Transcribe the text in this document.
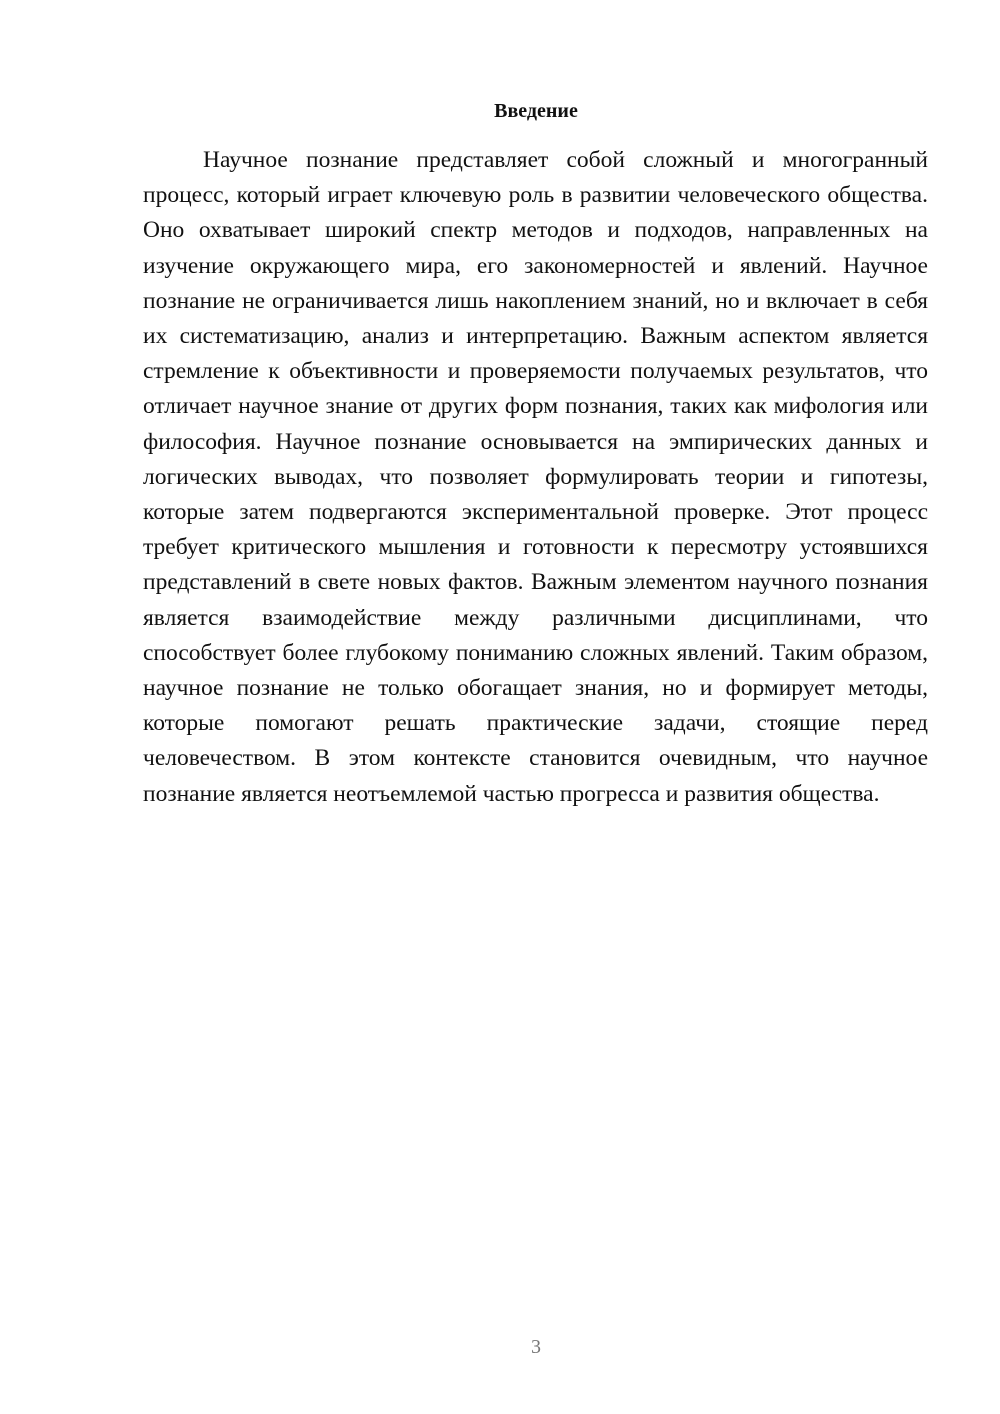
Введение

Научное познание представляет собой сложный и многогранный процесс, который играет ключевую роль в развитии человеческого общества. Оно охватывает широкий спектр методов и подходов, направленных на изучение окружающего мира, его закономерностей и явлений. Научное познание не ограничивается лишь накоплением знаний, но и включает в себя их систематизацию, анализ и интерпретацию. Важным аспектом является стремление к объективности и проверяемости получаемых результатов, что отличает научное знание от других форм познания, таких как мифология или философия. Научное познание основывается на эмпирических данных и логических выводах, что позволяет формулировать теории и гипотезы, которые затем подвергаются экспериментальной проверке. Этот процесс требует критического мышления и готовности к пересмотру устоявшихся представлений в свете новых фактов. Важным элементом научного познания является взаимодействие между различными дисциплинами, что способствует более глубокому пониманию сложных явлений. Таким образом, научное познание не только обогащает знания, но и формирует методы, которые помогают решать практические задачи, стоящие перед человечеством. В этом контексте становится очевидным, что научное познание является неотъемлемой частью прогресса и развития общества.

3
